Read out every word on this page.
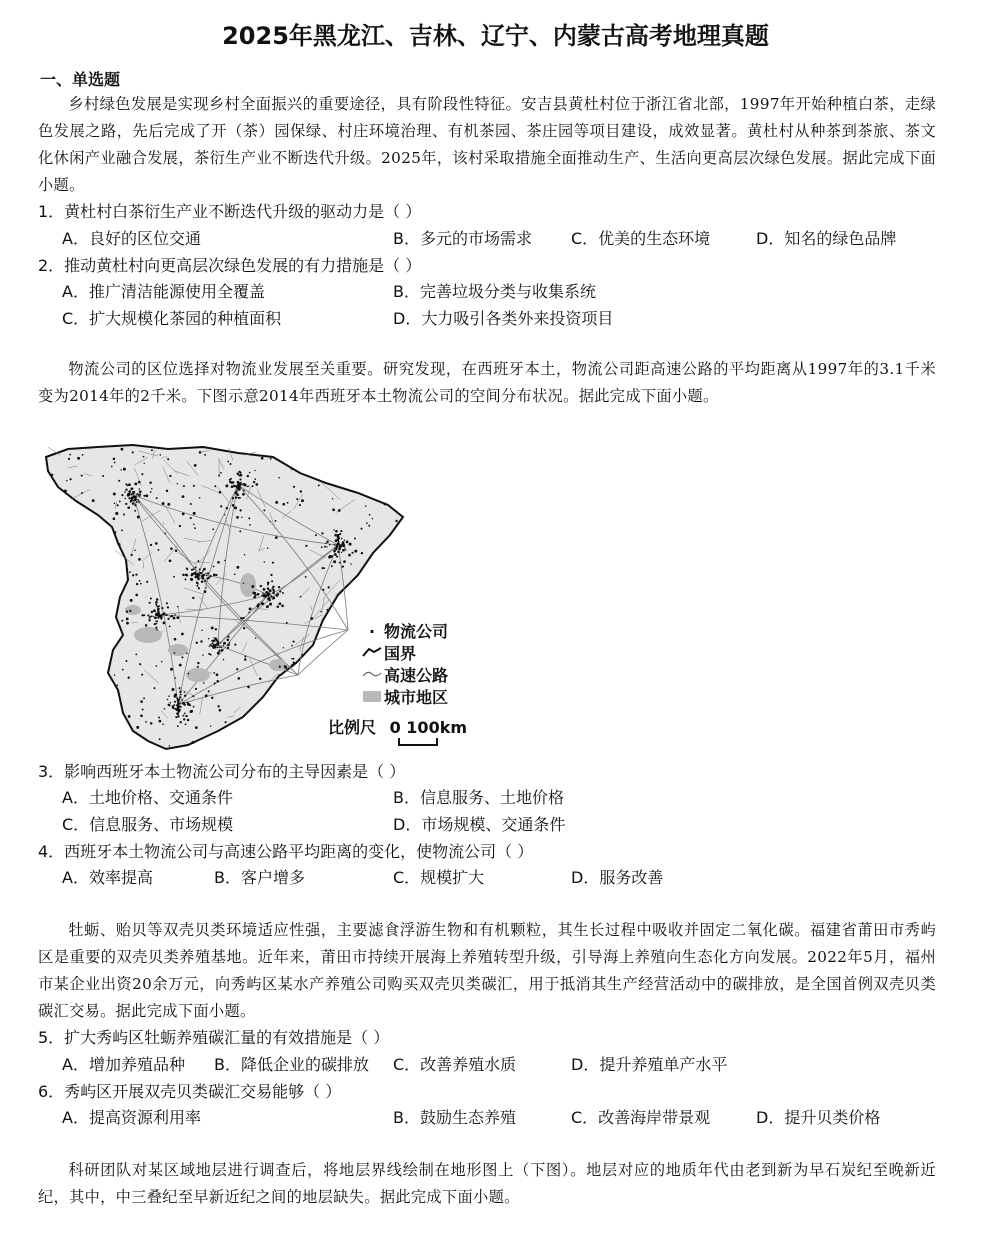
2025年黑龙江、吉林、辽宁、内蒙古高考地理真题
一、单选题
乡村绿色发展是实现乡村全面振兴的重要途径，具有阶段性特征。安吉县黄杜村位于浙江省北部，1997年开始种植白茶，走绿色发展之路，先后完成了开（茶）园保绿、村庄环境治理、有机茶园、茶庄园等项目建设，成效显著。黄杜村从种茶到茶旅、茶文化休闲产业融合发展，茶衍生产业不断迭代升级。2025年，该村采取措施全面推动生产、生活向更高层次绿色发展。据此完成下面小题。
1．黄杜村白茶衍生产业不断迭代升级的驱动力是（ ）
A．良好的区位交通	B．多元的市场需求 C．优美的生态环境	D．知名的绿色品牌
2．推动黄杜村向更高层次绿色发展的有力措施是（ ）
A．推广清洁能源使用全覆盖	B．完善垃圾分类与收集系统
C．扩大规模化茶园的种植面积	D．大力吸引各类外来投资项目
物流公司的区位选择对物流业发展至关重要。研究发现，在西班牙本土，物流公司距高速公路的平均距离从1997年的3.1千米变为2014年的2千米。下图示意2014年西班牙本土物流公司的空间分布状况。据此完成下面小题。
· 物流公司
国界
高速公路
城市地区
比例尺 0 100km
3．影响西班牙本土物流公司分布的主导因素是（ ）
A．土地价格、交通条件	B．信息服务、土地价格
C．信息服务、市场规模	D．市场规模、交通条件
4．西班牙本土物流公司与高速公路平均距离的变化，使物流公司（ ）
A．效率提高	B．客户增多	C．规模扩大	D．服务改善
牡蛎、贻贝等双壳贝类环境适应性强，主要滤食浮游生物和有机颗粒，其生长过程中吸收并固定二氧化碳。福建省莆田市秀屿区是重要的双壳贝类养殖基地。近年来，莆田市持续开展海上养殖转型升级，引导海上养殖向生态化方向发展。2022年5月，福州市某企业出资20余万元，向秀屿区某水产养殖公司购买双壳贝类碳汇，用于抵消其生产经营活动中的碳排放，是全国首例双壳贝类碳汇交易。据此完成下面小题。
5．扩大秀屿区牡蛎养殖碳汇量的有效措施是（ ）
A．增加养殖品种 B．降低企业的碳排放 C．改善养殖水质	D．提升养殖单产水平
6．秀屿区开展双壳贝类碳汇交易能够（ ）
A．提高资源利用率	B．鼓励生态养殖	C．改善海岸带景观	D．提升贝类价格
科研团队对某区域地层进行调查后，将地层界线绘制在地形图上（下图）。地层对应的地质年代由老到新为早石炭纪至晚新近纪，其中，中三叠纪至早新近纪之间的地层缺失。据此完成下面小题。
